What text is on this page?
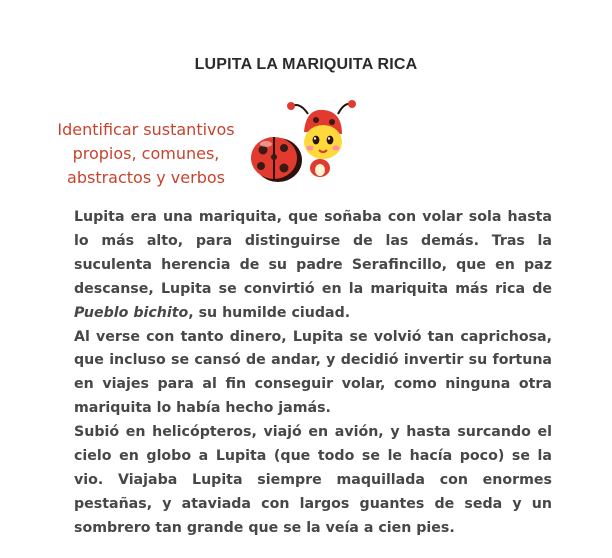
LUPITA LA MARIQUITA RICA
Identificar sustantivos
propios, comunes,
abstractos y verbos

Lupita era una mariquita, que soñaba con volar sola hasta lo más alto, para distinguirse de las demás. Tras la suculenta herencia de su padre Serafincillo, que en paz descanse, Lupita se convirtió en la mariquita más rica de Pueblo bichito, su humilde ciudad.

Al verse con tanto dinero, Lupita se volvió tan caprichosa, que incluso se cansó de andar, y decidió invertir su fortuna en viajes para al fin conseguir volar, como ninguna otra mariquita lo había hecho jamás.

Subió en helicópteros, viajó en avión, y hasta surcando el cielo en globo a Lupita (que todo se le hacía poco) se la vio. Viajaba Lupita siempre maquillada con enormes pestañas, y ataviada con largos guantes de seda y un sombrero tan grande que se la veía a cien pies.
